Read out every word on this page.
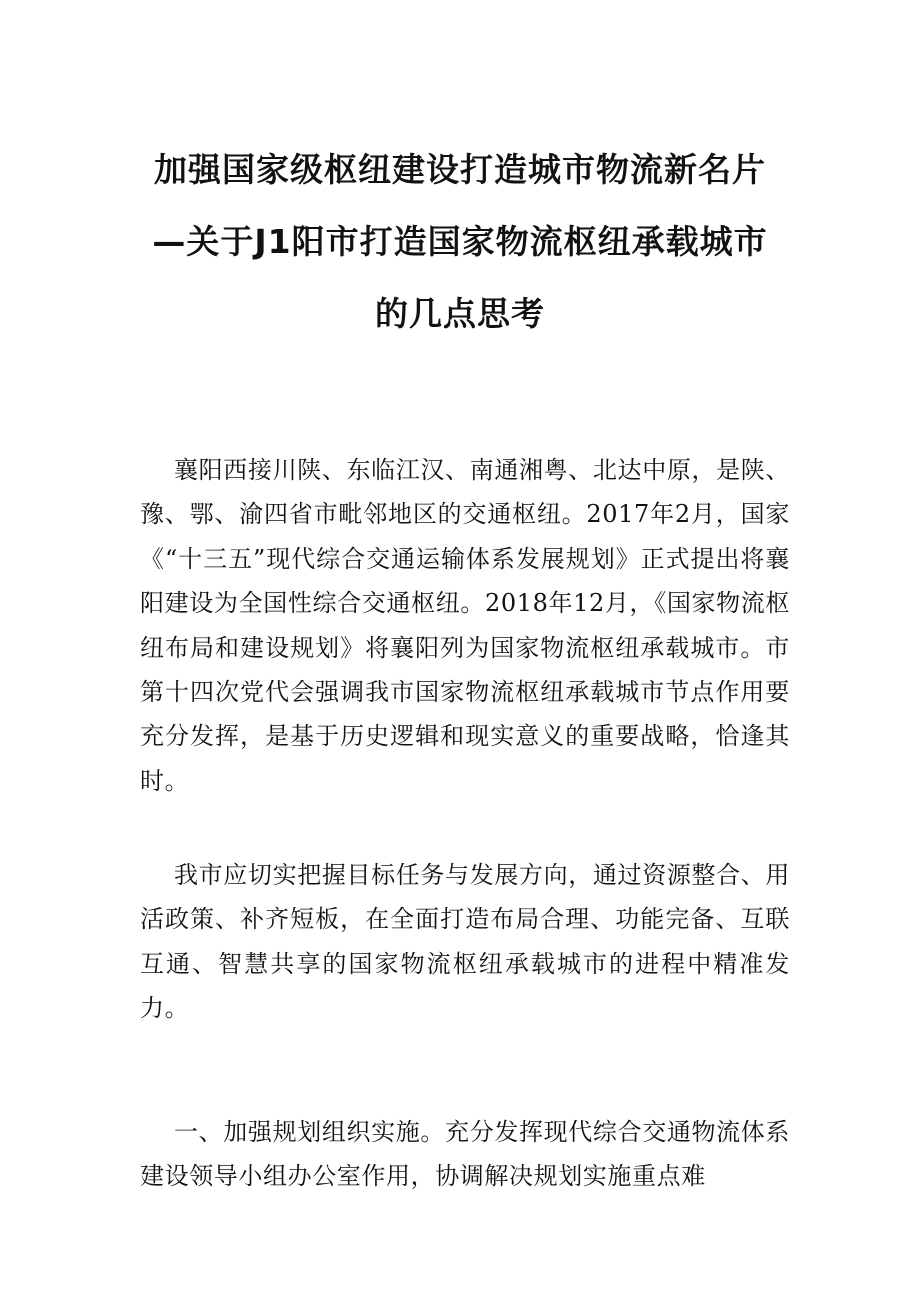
加强国家级枢纽建设打造城市物流新名片
—关于J1阳市打造国家物流枢纽承载城市
的几点思考

襄阳西接川陕、东临江汉、南通湘粤、北达中原，是陕、豫、鄂、渝四省市毗邻地区的交通枢纽。2017年2月，国家《“十三五”现代综合交通运输体系发展规划》正式提出将襄阳建设为全国性综合交通枢纽。2018年12月，《国家物流枢纽布局和建设规划》将襄阳列为国家物流枢纽承载城市。市第十四次党代会强调我市国家物流枢纽承载城市节点作用要充分发挥，是基于历史逻辑和现实意义的重要战略，恰逢其时。

我市应切实把握目标任务与发展方向，通过资源整合、用活政策、补齐短板，在全面打造布局合理、功能完备、互联互通、智慧共享的国家物流枢纽承载城市的进程中精准发力。

一、加强规划组织实施。充分发挥现代综合交通物流体系建设领导小组办公室作用，协调解决规划实施重点难
